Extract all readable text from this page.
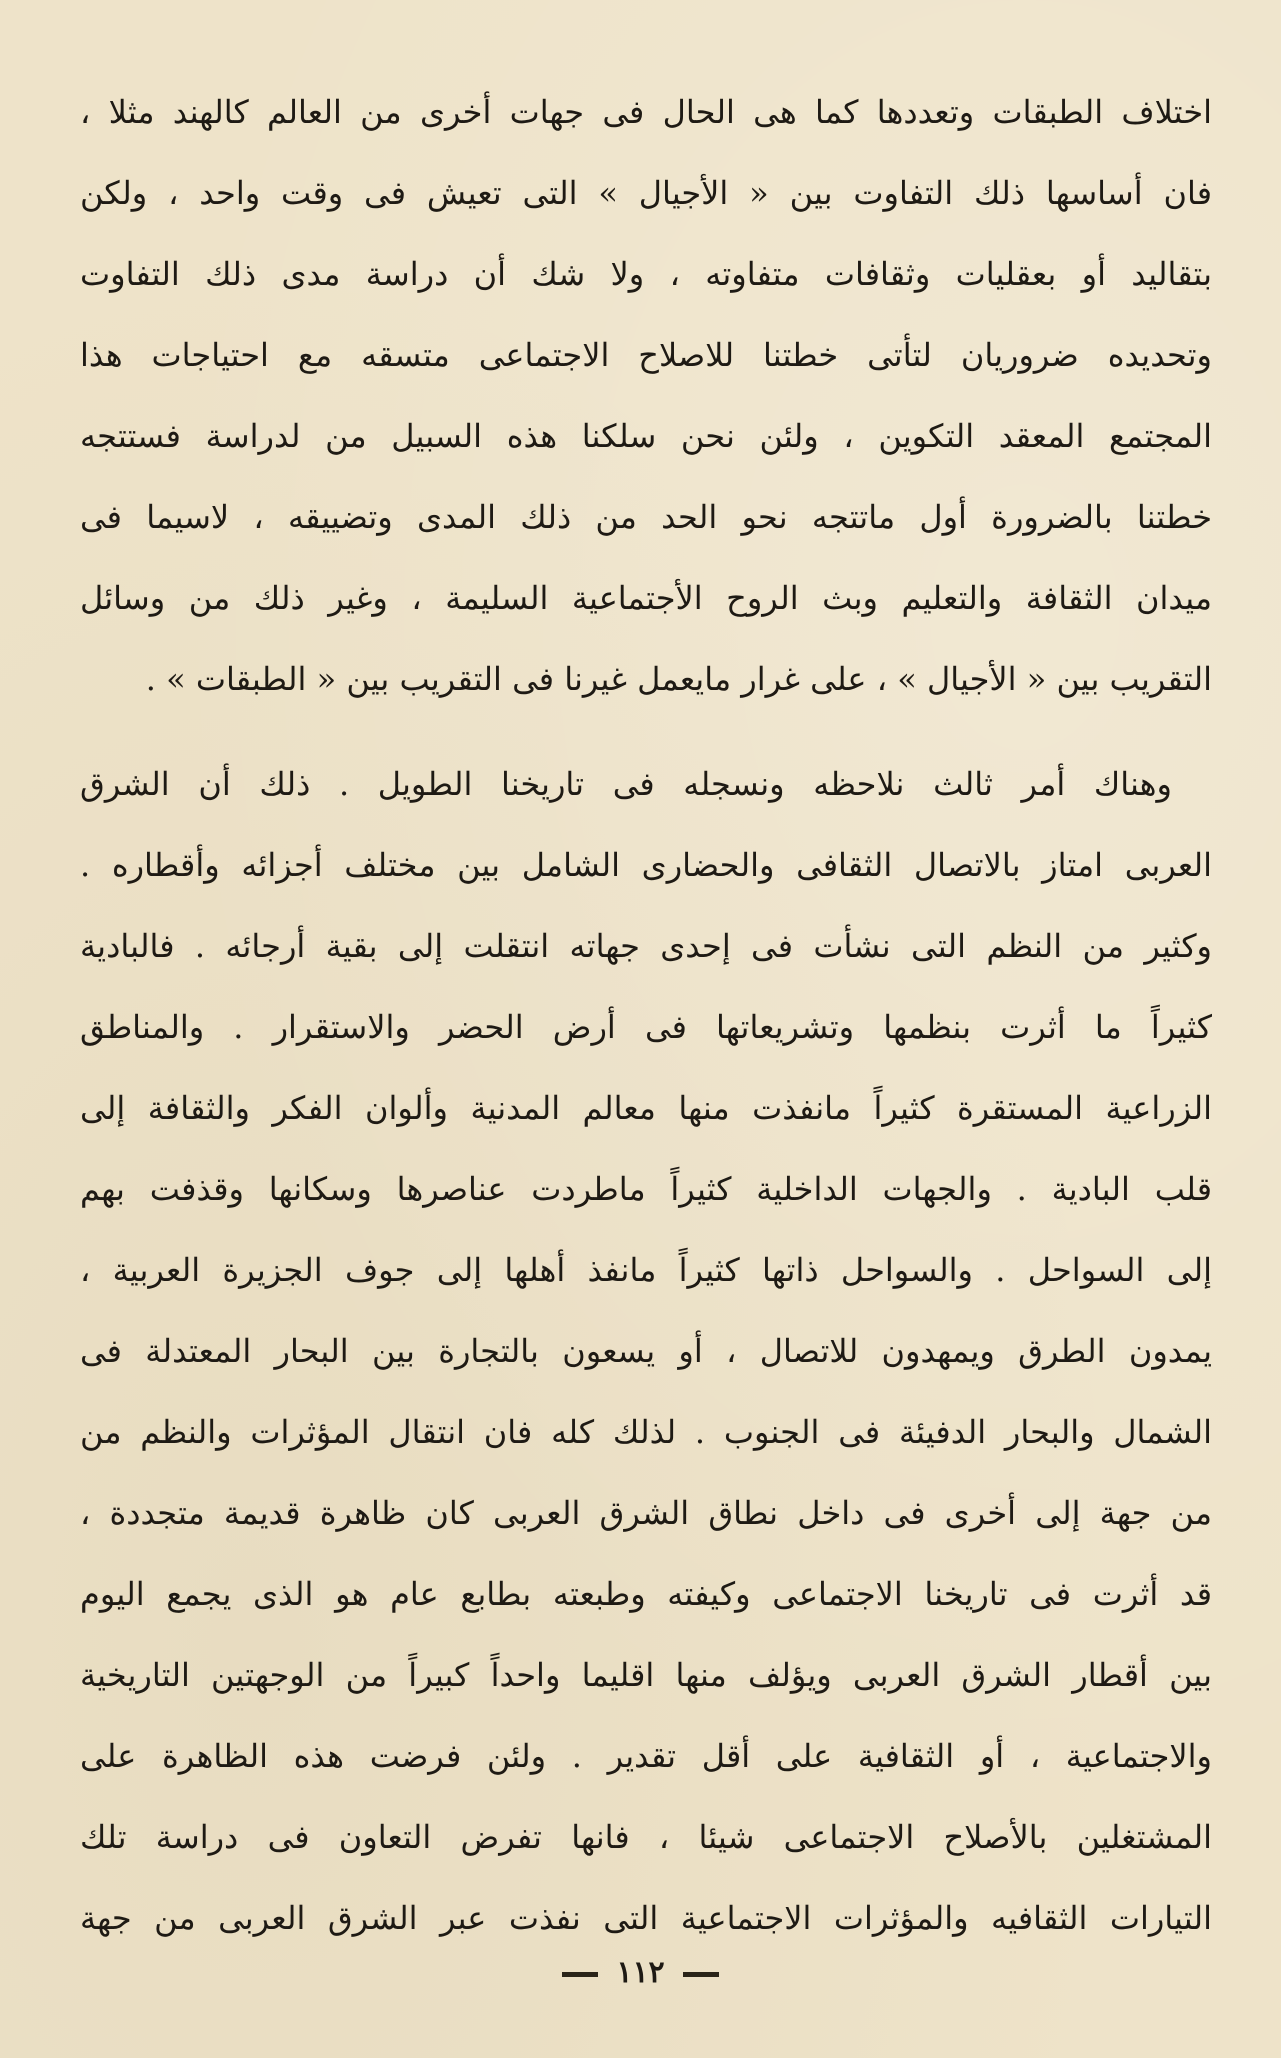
اختلاف الطبقات وتعددها كما هى الحال فى جهات أخرى من العالم كالهند مثلا ،
فان أساسها ذلك التفاوت بين « الأجيال » التى تعيش فى وقت واحد ، ولكن
بتقاليد أو بعقليات وثقافات متفاوته ، ولا شك أن دراسة مدى ذلك التفاوت
وتحديده ضروريان لتأتى خطتنا للاصلاح الاجتماعى متسقه مع احتياجات هذا
المجتمع المعقد التكوين ، ولئن نحن سلكنا هذه السبيل من لدراسة فستتجه
خطتنا بالضرورة أول ماتتجه نحو الحد من ذلك المدى وتضييقه ، لاسيما فى
ميدان الثقافة والتعليم وبث الروح الأجتماعية السليمة ، وغير ذلك من وسائل
التقريب بين « الأجيال » ، على غرار مايعمل غيرنا فى التقريب بين « الطبقات » .
وهناك أمر ثالث نلاحظه ونسجله فى تاريخنا الطويل . ذلك أن الشرق
العربى امتاز بالاتصال الثقافى والحضارى الشامل بين مختلف أجزائه وأقطاره .
وكثير من النظم التى نشأت فى إحدى جهاته انتقلت إلى بقية أرجائه . فالبادية
كثيراً ما أثرت بنظمها وتشريعاتها فى أرض الحضر والاستقرار . والمناطق
الزراعية المستقرة كثيراً مانفذت منها معالم المدنية وألوان الفكر والثقافة إلى
قلب البادية . والجهات الداخلية كثيراً ماطردت عناصرها وسكانها وقذفت بهم
إلى السواحل . والسواحل ذاتها كثيراً مانفذ أهلها إلى جوف الجزيرة العربية ،
يمدون الطرق ويمهدون للاتصال ، أو يسعون بالتجارة بين البحار المعتدلة فى
الشمال والبحار الدفيئة فى الجنوب . لذلك كله فان انتقال المؤثرات والنظم من
من جهة إلى أخرى فى داخل نطاق الشرق العربى كان ظاهرة قديمة متجددة ،
قد أثرت فى تاريخنا الاجتماعى وكيفته وطبعته بطابع عام هو الذى يجمع اليوم
بين أقطار الشرق العربى ويؤلف منها اقليما واحداً كبيراً من الوجهتين التاريخية
والاجتماعية ، أو الثقافية على أقل تقدير . ولئن فرضت هذه الظاهرة على
المشتغلين بالأصلاح الاجتماعى شيئا ، فانها تفرض التعاون فى دراسة تلك
التيارات الثقافيه والمؤثرات الاجتماعية التى نفذت عبر الشرق العربى من جهة
١١٢
